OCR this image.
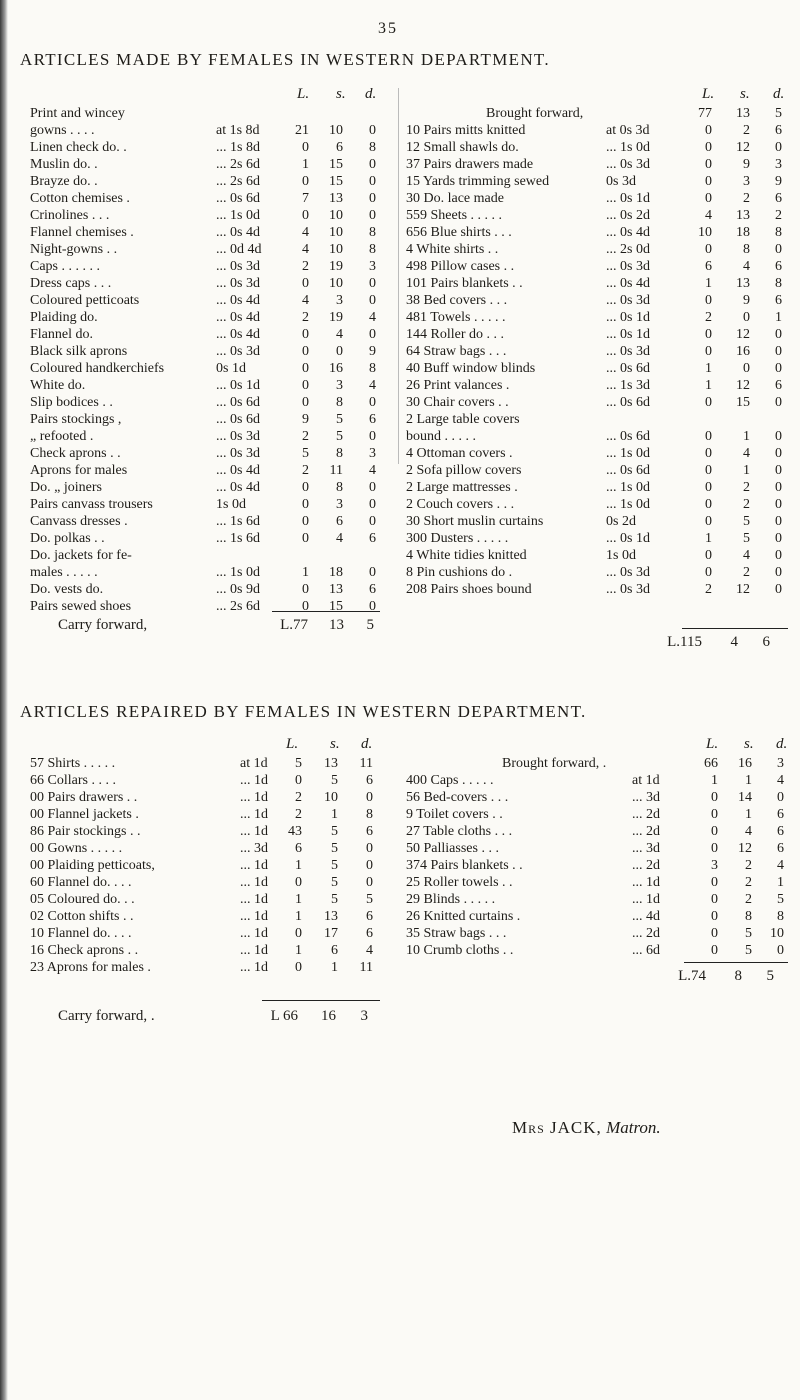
35
ARTICLES MADE BY FEMALES IN WESTERN DEPARTMENT.
L. s. d.
Print and wincey
gowns . . . .	at 1s 8d	21	10	0
Linen check do. .	... 1s 8d	0	6	8
Muslin do. .	... 2s 6d	1	15	0
Brayze do. .	... 2s 6d	0	15	0
Cotton chemises .	... 0s 6d	7	13	0
Crinolines . . .	... 1s 0d	0	10	0
Flannel chemises .	... 0s 4d	4	10	8
Night-gowns . .	... 0d 4d	4	10	8
Caps . . . . . .	... 0s 3d	2	19	3
Dress caps . . .	... 0s 3d	0	10	0
Coloured petticoats	... 0s 4d	4	3	0
Plaiding do.	... 0s 4d	2	19	4
Flannel do.	... 0s 4d	0	4	0
Black silk aprons	... 0s 3d	0	0	9
Coloured handkerchiefs	0s 1d	0	16	8
White do.	... 0s 1d	0	3	4
Slip bodices . .	... 0s 6d	0	8	0
Pairs stockings ,	... 0s 6d	9	5	6
„ refooted .	... 0s 3d	2	5	0
Check aprons . .	... 0s 3d	5	8	3
Aprons for males	... 0s 4d	2	11	4
Do. „ joiners	... 0s 4d	0	8	0
Pairs canvass trousers	1s 0d	0	3	0
Canvass dresses .	... 1s 6d	0	6	0
Do. polkas . .	... 1s 6d	0	4	6
Do. jackets for fe-
males . . . . .	... 1s 0d	1	18	0
Do. vests do.	... 0s 9d	0	13	6
Pairs sewed shoes	... 2s 6d	0	15	0
Carry forward,	L.77	13	5
L. s. d.
Brought forward,	77	13	5
10 Pairs mitts knitted	at 0s 3d	0	2	6
12 Small shawls do.	... 1s 0d	0	12	0
37 Pairs drawers made	... 0s 3d	0	9	3
15 Yards trimming sewed	0s 3d	0	3	9
30 Do. lace made	... 0s 1d	0	2	6
559 Sheets . . . . .	... 0s 2d	4	13	2
656 Blue shirts . . .	... 0s 4d	10	18	8
4 White shirts . .	... 2s 0d	0	8	0
498 Pillow cases . .	... 0s 3d	6	4	6
101 Pairs blankets . .	... 0s 4d	1	13	8
38 Bed covers . . .	... 0s 3d	0	9	6
481 Towels . . . . .	... 0s 1d	2	0	1
144 Roller do . . .	... 0s 1d	0	12	0
64 Straw bags . . .	... 0s 3d	0	16	0
40 Buff window blinds	... 0s 6d	1	0	0
26 Print valances .	... 1s 3d	1	12	6
30 Chair covers . .	... 0s 6d	0	15	0
2 Large table covers
bound . . . . .	... 0s 6d	0	1	0
4 Ottoman covers .	... 1s 0d	0	4	0
2 Sofa pillow covers	... 0s 6d	0	1	0
2 Large mattresses .	... 1s 0d	0	2	0
2 Couch covers . . .	... 1s 0d	0	2	0
30 Short muslin curtains	0s 2d	0	5	0
300 Dusters . . . . .	... 0s 1d	1	5	0
4 White tidies knitted	1s 0d	0	4	0
8 Pin cushions do .	... 0s 3d	0	2	0
208 Pairs shoes bound	... 0s 3d	2	12	0
L.115	4	6
ARTICLES REPAIRED BY FEMALES IN WESTERN DEPARTMENT.
L. s. d.
57 Shirts . . . . .	at 1d	5	13	11
66 Collars . . . .	... 1d	0	5	6
00 Pairs drawers . .	... 1d	2	10	0
00 Flannel jackets .	... 1d	2	1	8
86 Pair stockings . .	... 1d	43	5	6
00 Gowns . . . . .	... 3d	6	5	0
00 Plaiding petticoats,	... 1d	1	5	0
60 Flannel do. . . .	... 1d	0	5	0
05 Coloured do. . .	... 1d	1	5	5
02 Cotton shifts . .	... 1d	1	13	6
10 Flannel do. . . .	... 1d	0	17	6
16 Check aprons . .	... 1d	1	6	4
23 Aprons for males .	... 1d	0	1	11
Carry forward, .	L 66	16	3
L. s. d.
Brought forward, .	66	16	3
400 Caps . . . . .	at 1d	1	1	4
56 Bed-covers . . .	... 3d	0	14	0
9 Toilet covers . .	... 2d	0	1	6
27 Table cloths . . .	... 2d	0	4	6
50 Palliasses . . .	... 3d	0	12	6
374 Pairs blankets . .	... 2d	3	2	4
25 Roller towels . .	... 1d	0	2	1
29 Blinds . . . . .	... 1d	0	2	5
26 Knitted curtains .	... 4d	0	8	8
35 Straw bags . . .	... 2d	0	5	10
10 Crumb cloths . .	... 6d	0	5	0
L.74	8	5
Mrs JACK, Matron.
